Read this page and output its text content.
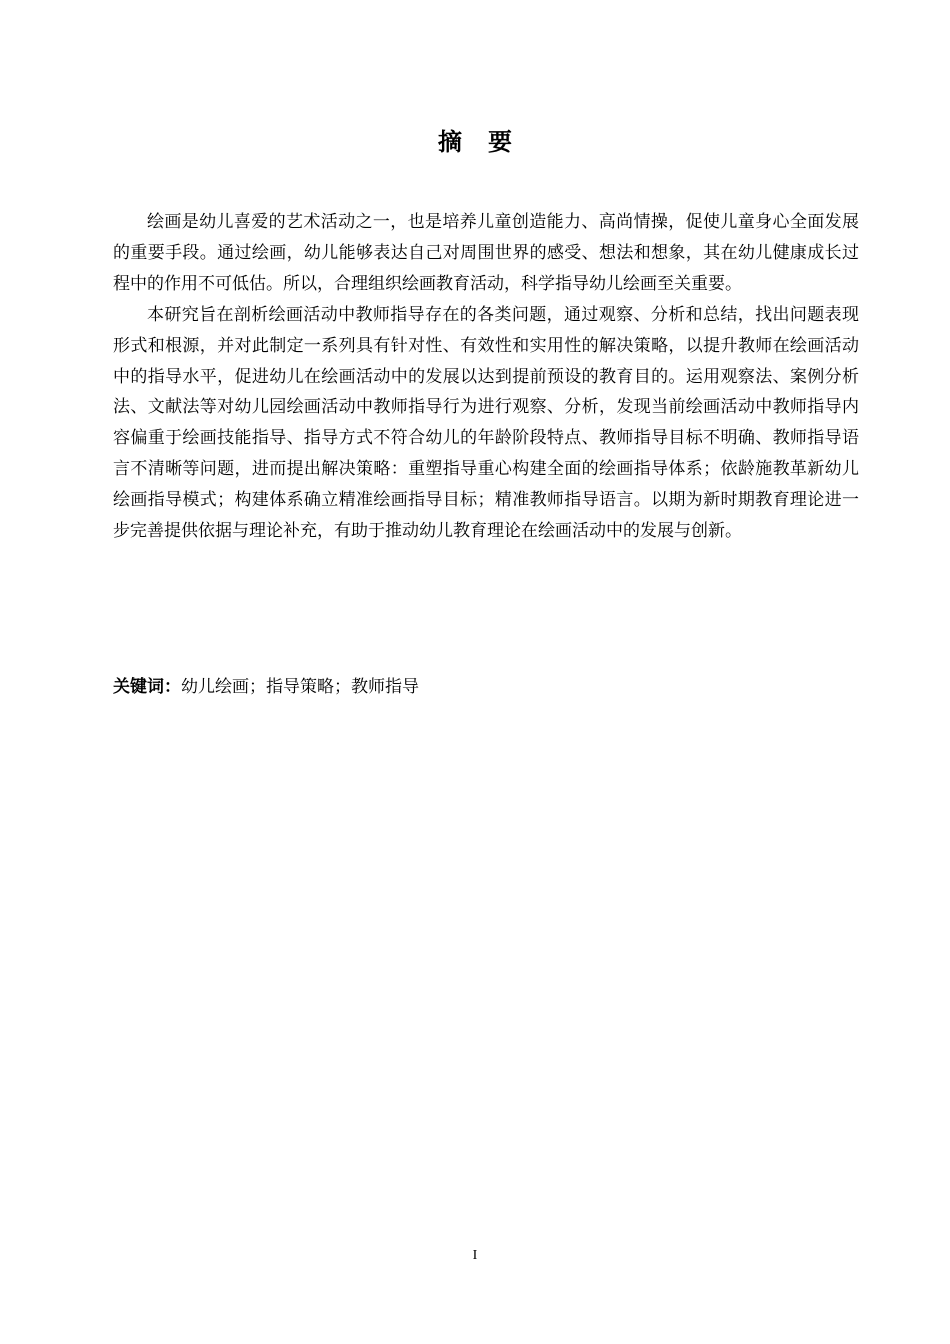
摘 要

绘画是幼儿喜爱的艺术活动之一，也是培养儿童创造能力、高尚情操，促使儿童身心全面发展的重要手段。通过绘画，幼儿能够表达自己对周围世界的感受、想法和想象，其在幼儿健康成长过程中的作用不可低估。所以，合理组织绘画教育活动，科学指导幼儿绘画至关重要。

本研究旨在剖析绘画活动中教师指导存在的各类问题，通过观察、分析和总结，找出问题表现形式和根源，并对此制定一系列具有针对性、有效性和实用性的解决策略，以提升教师在绘画活动中的指导水平，促进幼儿在绘画活动中的发展以达到提前预设的教育目的。运用观察法、案例分析法、文献法等对幼儿园绘画活动中教师指导行为进行观察、分析，发现当前绘画活动中教师指导内容偏重于绘画技能指导、指导方式不符合幼儿的年龄阶段特点、教师指导目标不明确、教师指导语言不清晰等问题，进而提出解决策略：重塑指导重心构建全面的绘画指导体系；依龄施教革新幼儿绘画指导模式；构建体系确立精准绘画指导目标；精准教师指导语言。以期为新时期教育理论进一步完善提供依据与理论补充，有助于推动幼儿教育理论在绘画活动中的发展与创新。

关键词：幼儿绘画；指导策略；教师指导
I
